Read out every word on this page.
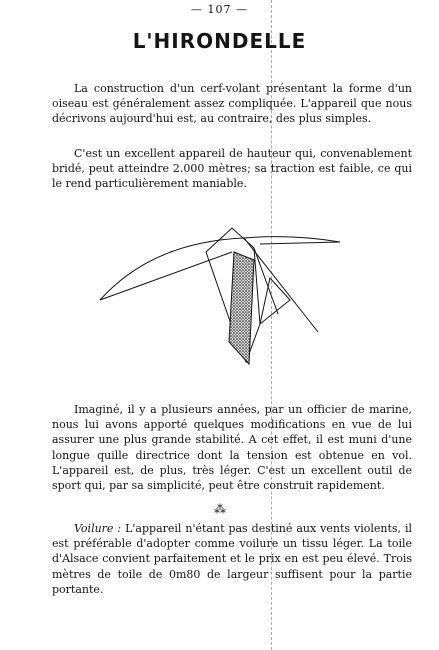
— 107 —
L'HIRONDELLE

La construction d'un cerf-volant présentant la forme d'un oiseau est généralement assez compliquée. L'appareil que nous décrivons aujourd'hui est, au contraire, des plus simples.

C'est un excellent appareil de hauteur qui, convenablement bridé, peut atteindre 2.000 mètres; sa traction est faible, ce qui le rend particulièrement maniable.

Imaginé, il y a plusieurs années, par un officier de marine, nous lui avons apporté quelques modifications en vue de lui assurer une plus grande stabilité. A cet effet, il est muni d'une longue quille directrice dont la tension est obtenue en vol. L'appareil est, de plus, très léger. C'est un excellent outil de sport qui, par sa simplicité, peut être construit rapidement.

⁂

Voilure : L'appareil n'étant pas destiné aux vents violents, il est préférable d'adopter comme voilure un tissu léger. La toile d'Alsace convient parfaitement et le prix en est peu élevé. Trois mètres de toile de 0m80 de largeur suffisent pour la partie portante.
